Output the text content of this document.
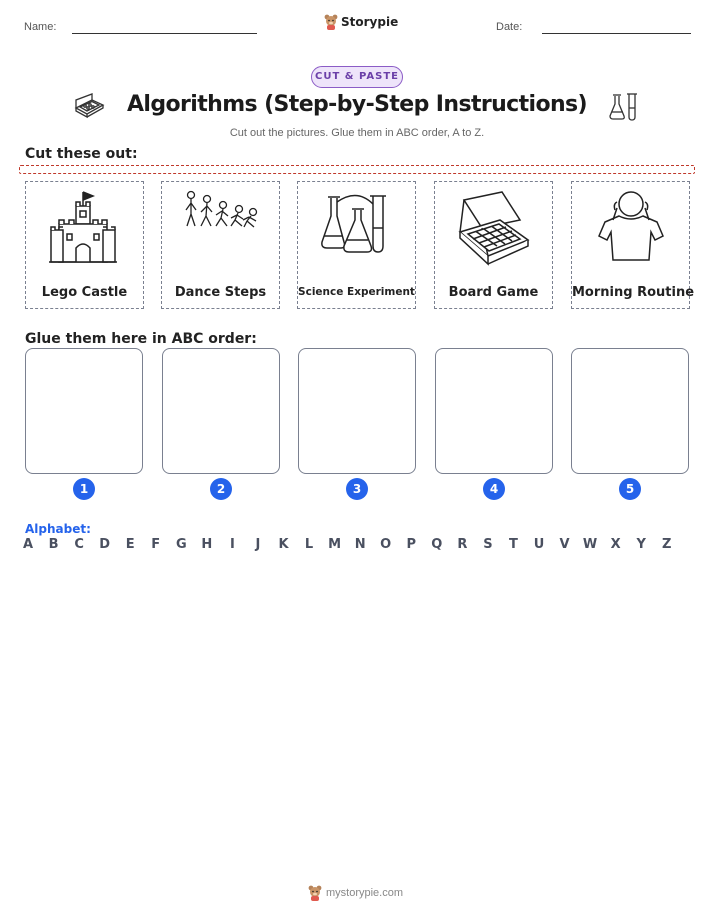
Name:	Storypie	Date:
CUT & PASTE
Algorithms (Step-by-Step Instructions)
Cut out the pictures. Glue them in ABC order, A to Z.
Cut these out:
Lego Castle	Dance Steps	Science Experiment	Board Game	Morning Routine
Glue them here in ABC order:
1	2	3	4	5
Alphabet:
A	B	C	D	E	F	G	H	I	J	K	L	M	N	O	P	Q	R	S	T	U	V	W	X	Y	Z
mystorypie.com
